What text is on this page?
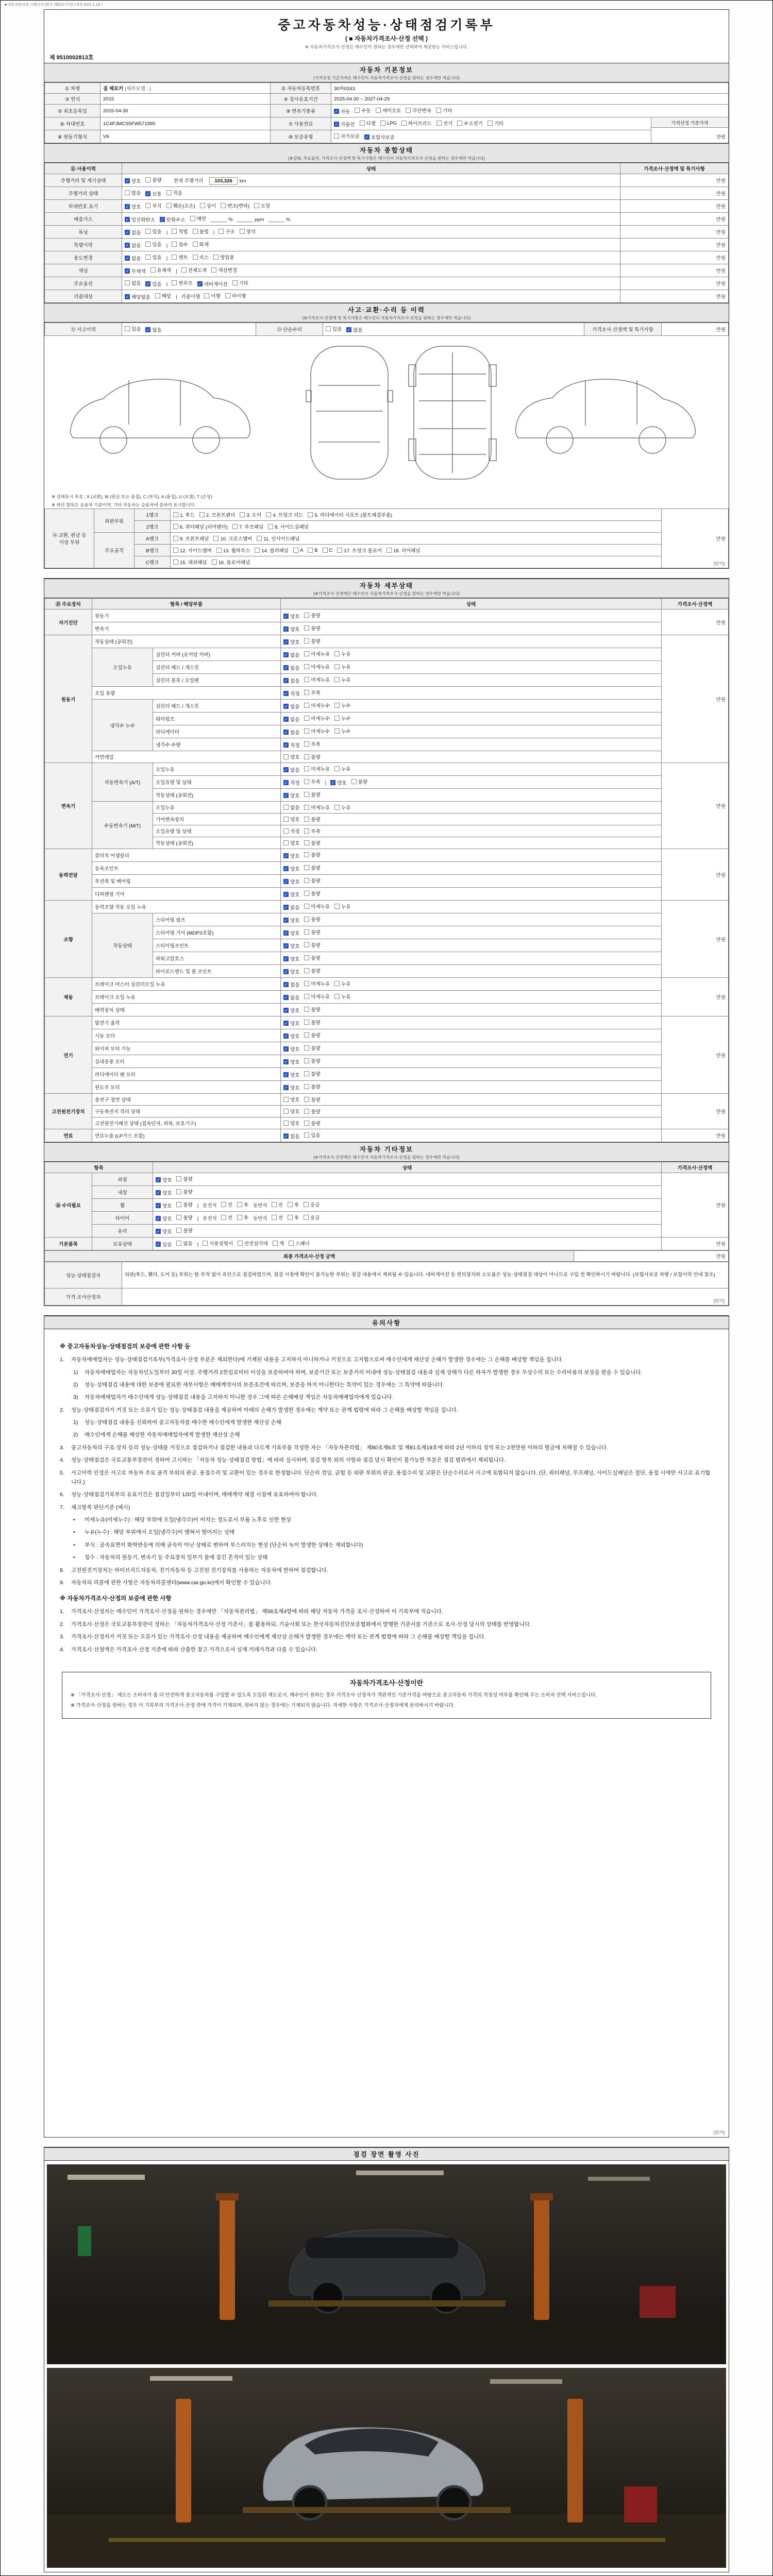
■ 자동차관리법 시행규칙 [별지 제82호서식] <개정 2021.1.19.>
중고자동차성능·상태점검기록부
( ■ 자동차가격조사·산정 선택 )
※ 자동차가격조사·산정은 매수인이 원하는 경우에만 선택하여 제공받는 서비스입니다.
제 9510002813호
자동차 기본정보
(가격산정 기준가격은 매수인이 자동차가격조사·산정을 원하는 경우에만 적습니다)
① 차명	짚 체로키 (세부모델 : )	② 자동차등록번호	30하0243	
③ 연식	2015	④ 검사유효기간	2025-04-30 ~ 2027-04-29	
⑤ 최초등록일	2015-04-30	⑨ 변속기종류	✓ 자동 수동 세미오토 무단변속 기타

⑥ 차대번호	1C4PJMCS5FW571990	⑦ 사용연료	✓ 가솔린 디젤 LPG 하이브리드 전기 수소전기 기타	가격산정 기준가격
만원

⑧ 원동기형식	V6	⑩ 보증유형	자가보증 ✓ 보험사보증	
자동차 종합상태
(※상태, 주요옵션, 가격조사·산정액 및 특기사항은 매수인이 자동차가격조사·산정을 원하는 경우에만 적습니다)
⑪ 사용이력	상태	가격조사·산정액 및 특기사항
주행거리 및 계기상태	✓ 양호 불량 현재 주행거리 103,326 km	만원
주행거리 상태	많음 ✓ 보통 적음	만원
차대번호 표기	✓ 양호 부식 훼손(오손) 상이 변조(변타) 도말	만원
배출가스	✓ 일산화탄소 ✓ 탄화수소 매연 ______ % ______ ppm ______ %	만원
튜닝	✓ 없음 있음 | 적법 불법 | 구조 장치	만원
특별이력	✓ 없음 있음 | 침수 화재	만원
용도변경	✓ 없음 있음 | 렌트 리스 영업용	만원
색상	✓ 무채색 유채색 | 전체도색 색상변경	만원
주요옵션	없음 ✓ 있음 | 썬루프 ✓ 네비게이션 기타	만원
리콜대상	✓ 해당없음 해당 | 리콜이행 이행 미이행	만원
사고·교환·수리 등 이력
(※가격조사·산정액 및 특기사항은 매수인이 자동차가격조사·산정을 원하는 경우에만 적습니다)
⑫ 사고이력	있음 ✓ 없음	⑬ 단순수리	있음 ✓ 없음	가격조사·산정액 및 특기사항	만원
※ 상태표시 부호 : X (교환), W (판금 또는 용접), C (부식), A (흠집), U (요철), T (손상)
※ 하단 항목은 승용차 기준이며, 기타 자동차는 승용차에 준하여 표시합니다.
⑭ 교환, 판금 등 이상 부위	외판부위	1랭크	1. 후드 2. 프론트펜더 3. 도어 4. 트렁크 리드 5. 라디에이터 서포트 (볼트체결부품)	만원
		2랭크	6. 쿼터패널 (리어펜더) 7. 루프패널 8. 사이드실패널	

	주요골격	A랭크	9. 프론트패널 10. 크로스멤버 11. 인사이드패널	

B랭크	12. 사이드멤버 13. 휠하우스 14. 필러패널 A B C 17. 트렁크 플로어 18. 리어패널

		C랭크	15. 대쉬패널 16. 플로어패널		[닫기]
자동차 세부상태
(※가격조사·산정액은 매수인이 자동차가격조사·산정을 원하는 경우에만 적습니다)
⑮ 주요장치	항목 / 해당부품		상태	가격조사·산정액
자기진단	원동기		✓ 양호 불량	만원
	변속기		✓ 양호 불량	

원동기	작동상태 (공회전)		✓ 양호 불량	만원
	오일누유	실린더 커버 (로커암 커버)	✓ 없음 미세누유 누유	

		실린더 헤드 / 개스킷	✓ 없음 미세누유 누유	

		실린더 블록 / 오일팬	✓ 없음 미세누유 누유	

	오일 유량		✓ 적정 부족	

	냉각수 누수	실린더 헤드 / 개스킷	✓ 없음 미세누수 누수	

		워터펌프	✓ 없음 미세누수 누수	

		라디에이터	✓ 없음 미세누수 누수	

		냉각수 수량	✓ 적정 부족	

	커먼레일		양호 불량	

변속기	자동변속기 (A/T)	오일누유	✓ 없음 미세누유 누유	만원
오일유량 및 상태	✓ 적정 부족 | ✓ 양호 불량

		작동상태 (공회전)	✓ 양호 불량	

	수동변속기 (M/T)	오일누유	없음 미세누유 누유	

		기어변속장치	양호 불량	

		오일유량 및 상태	적정 부족	

		작동상태 (공회전)	양호 불량	

동력전달	클러치 어셈블리		✓ 양호 불량	만원
	등속조인트		✓ 양호 불량	

	추진축 및 베어링		✓ 양호 불량	

	디퍼렌셜 기어		✓ 양호 불량	

조향	동력조향 작동 오일 누유		✓ 없음 미세누유 누유	만원
	작동상태	스티어링 펌프	✓ 양호 불량	

		스티어링 기어 (MDPS포함)	✓ 양호 불량	

		스티어링조인트	✓ 양호 불량	

		파워고압호스	✓ 양호 불량	

		타이로드엔드 및 볼 조인트	✓ 양호 불량	

제동	브레이크 마스터 실린더오일 누유		✓ 없음 미세누유 누유	만원
	브레이크 오일 누유		✓ 없음 미세누유 누유	

	배력장치 상태		✓ 양호 불량	

전기	발전기 출력		✓ 양호 불량	만원
	시동 모터		✓ 양호 불량	

	와이퍼 모터 기능		✓ 양호 불량	

	실내송풍 모터		✓ 양호 불량	

	라디에이터 팬 모터		✓ 양호 불량	

	윈도우 모터		✓ 양호 불량	

고전원전기장치	충전구 절연 상태		양호 불량	만원
	구동축전지 격리 상태		양호 불량	

	고전원전기배선 상태 (접속단자, 피복, 보호기구)		양호 불량	

연료	연료누출 (LP가스 포함)		✓ 없음 있음	만원
자동차 기타정보
(※가격조사·산정액은 매수인이 자동차가격조사·산정을 원하는 경우에만 적습니다)
항목		상태	가격조사·산정액
⑯ 수리필요	외장	✓ 양호 불량	만원
	내장	✓ 양호 불량	

휠	✓ 양호 불량 | 운전석 전 후 동반석 전 후 응급

타이어	✓ 양호 불량 | 운전석 전 후 동반석 전 후 응급

	유리	✓ 양호 불량	

기본품목	보유상태	✓ 있음 없음 | 사용설명서 안전삼각대 잭 스패너	만원
최종 가격조사·산정 금액	만원
성능·상태점검자	외판(후드, 휀더, 도어 등) 부위는 탈·부착 없이 육안으로 점검하였으며, 점검 시점에 확인이 불가능한 부위는 점검 내용에서 제외될 수 있습니다. 내비게이션 등 편의장치와 소모품은 성능·상태점검 대상이 아니므로 구입 전 확인하시기 바랍니다. (보험사보증 차량 / 보험이력 안내 참조)
가격·조사산정자	
[닫기]
유의사항
※ 중고자동차성능·상태점검의 보증에 관한 사항 등
1.	자동차매매업자는 성능·상태점검기록부(가격조사·산정 부분은 제외한다)에 기재된 내용을 고지하지 아니하거나 거짓으로 고지함으로써 매수인에게 재산상 손해가 발생한 경우에는 그 손해를 배상할 책임을 집니다.
1)	자동차매매업자는 자동차인도일부터 30일 이상, 주행거리 2천킬로미터 이상을 보증하여야 하며, 보증기간 또는 보증거리 이내에 성능·상태점검 내용과 실제 상태가 다른 하자가 발생한 경우 무상수리 또는 수리비용의 보상을 받을 수 있습니다.
2)	성능·상태점검 내용에 대한 보증에 필요한 세부사항은 매매계약서의 보증조건에 따르며, 보증을 하지 아니한다는 특약이 있는 경우에는 그 특약에 따릅니다.
3)	자동차매매업자가 매수인에게 성능·상태점검 내용을 고지하지 아니한 경우 그에 따른 손해배상 책임은 자동차매매업자에게 있습니다.
2.	성능·상태점검자가 거짓 또는 오류가 있는 성능·상태점검 내용을 제공하여 아래의 손해가 발생한 경우에는 계약 또는 관계 법령에 따라 그 손해를 배상할 책임을 집니다.
1)	성능·상태점검 내용을 신뢰하여 중고자동차를 매수한 매수인에게 발생한 재산상 손해
2)	매수인에게 손해를 배상한 자동차매매업자에게 발생한 재산상 손해
3.	중고자동차의 구조·장치 등의 성능·상태를 거짓으로 점검하거나 점검한 내용과 다르게 기록부를 작성한 자는 「자동차관리법」 제80조제6호 및 제81조제19호에 따라 2년 이하의 징역 또는 2천만원 이하의 벌금에 처해질 수 있습니다.
4.	성능·상태점검은 국토교통부장관이 정하여 고시하는 「자동차 성능·상태점검 방법」에 따라 실시하며, 점검 항목 외의 사항과 점검 당시 확인이 불가능한 부분은 점검 범위에서 제외됩니다.
5.	사고이력 인정은 사고로 자동차 주요 골격 부위의 판금, 용접수리 및 교환이 있는 경우로 한정합니다. 단순히 꺾임, 긁힘 등 외판 부위의 판금, 용접수리 및 교환은 단순수리로서 사고에 포함되지 않습니다. (단, 쿼터패널, 루프패널, 사이드실패널은 절단, 용접 시에만 사고로 표기합니다.)
6.	성능·상태점검기록부의 유효기간은 점검일부터 120일 이내이며, 매매계약 체결 시점에 유효하여야 합니다.
7.	체크항목 판단기준 (예시)
•	미세누유(미세누수) : 해당 부위에 오일(냉각수)이 비치는 정도로서 부품 노후로 인한 현상
•	누유(누수) : 해당 부위에서 오일(냉각수)이 맺혀서 떨어지는 상태
•	부식 : 금속표면이 화학반응에 의해 금속이 아닌 상태로 변하여 부스러지는 현상 (단순히 녹이 발생한 상태는 제외합니다)
•	침수 : 자동차의 원동기, 변속기 등 주요장치 일부가 물에 잠긴 흔적이 있는 상태
8.	고전원전기장치는 하이브리드자동차, 전기자동차 등 고전원 전기장치를 사용하는 자동차에 한하여 점검합니다.
9.	자동차의 리콜에 관한 사항은 자동차리콜센터(www.car.go.kr)에서 확인할 수 있습니다.
※ 자동차가격조사·산정의 보증에 관한 사항
1.	가격조사·산정자는 매수인이 가격조사·산정을 원하는 경우에만 「자동차관리법」 제58조제4항에 따라 해당 자동차 가격을 조사·산정하여 이 기록부에 적습니다.
2.	가격조사·산정은 국토교통부장관이 정하는 「자동차가격조사·산정 기준서」를 활용하되, 기술사회 또는 한국자동차진단보증협회에서 발행한 기준서를 기준으로 조사·산정 당시의 상태를 반영합니다.
3.	가격조사·산정자가 거짓 또는 오류가 있는 가격조사·산정 내용을 제공하여 매수인에게 재산상 손해가 발생한 경우에는 계약 또는 관계 법령에 따라 그 손해를 배상할 책임을 집니다.
4.	가격조사·산정액은 가격조사·산정 기준에 따라 산출한 참고 가격으로서 실제 거래가격과 다를 수 있습니다.
자동차가격조사·산정이란
※ 「가격조사·산정」 제도는 소비자가 좀 더 안전하게 중고자동차를 구입할 수 있도록 도입된 제도로서, 매수인이 원하는 경우 가격조사·산정자가 객관적인 기준가격을 바탕으로 중고자동차 가격의 적정성 여부를 확인해 주는 소비자 선택 서비스입니다.
※ 가격조사·산정을 원하는 경우 이 기록부의 가격조사·산정 란에 가격이 기재되며, 원하지 않는 경우에는 기재되지 않습니다. 자세한 사항은 가격조사·산정자에게 문의하시기 바랍니다.
[닫기]
점검 장면 촬영 사진
